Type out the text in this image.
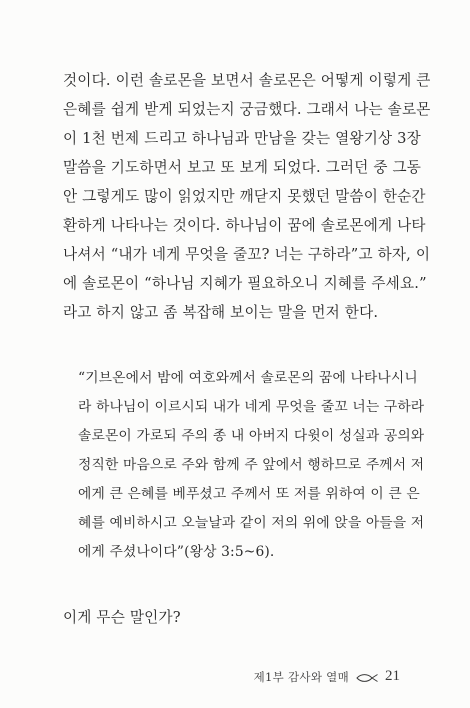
것이다. 이런 솔로몬을 보면서 솔로몬은 어떻게 이렇게 큰
은혜를 쉽게 받게 되었는지 궁금했다. 그래서 나는 솔로몬
이 1천 번제 드리고 하나님과 만남을 갖는 열왕기상 3장
말씀을 기도하면서 보고 또 보게 되었다. 그러던 중 그동
안 그렇게도 많이 읽었지만 깨닫지 못했던 말씀이 한순간
환하게 나타나는 것이다. 하나님이 꿈에 솔로몬에게 나타
나셔서 “내가 네게 무엇을 줄꼬? 너는 구하라”고 하자, 이
에 솔로몬이 “하나님 지혜가 필요하오니 지혜를 주세요.”
라고 하지 않고 좀 복잡해 보이는 말을 먼저 한다.
“기브온에서 밤에 여호와께서 솔로몬의 꿈에 나타나시니
라 하나님이 이르시되 내가 네게 무엇을 줄꼬 너는 구하라
솔로몬이 가로되 주의 종 내 아버지 다윗이 성실과 공의와
정직한 마음으로 주와 함께 주 앞에서 행하므로 주께서 저
에게 큰 은혜를 베푸셨고 주께서 또 저를 위하여 이 큰 은
혜를 예비하시고 오늘날과 같이 저의 위에 앉을 아들을 저
에게 주셨나이다”(왕상 3:5~6).
이게 무슨 말인가?
제1부 감사와 열매 21
